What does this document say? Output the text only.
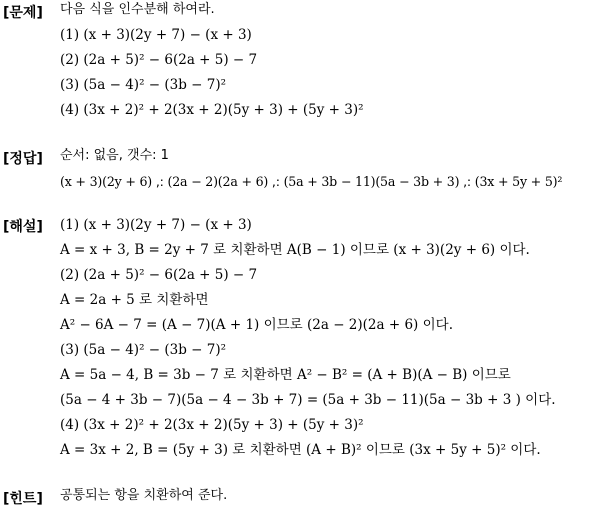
[문제] 다음 식을 인수분해 하여라.
(1) (x + 3)(2y + 7) − (x + 3)
(2) (2a + 5)² − 6(2a + 5) − 7
(3) (5a − 4)² − (3b − 7)²
(4) (3x + 2)² + 2(3x + 2)(5y + 3) + (5y + 3)²
[정답] 순서: 없음, 갯수: 1
(x + 3)(2y + 6) ,: (2a − 2)(2a + 6) ,: (5a + 3b − 11)(5a − 3b + 3) ,: (3x + 5y + 5)²
[해설] (1) (x + 3)(2y + 7) − (x + 3)
A = x + 3, B = 2y + 7 로 치환하면 A(B − 1) 이므로 (x + 3)(2y + 6) 이다.
(2) (2a + 5)² − 6(2a + 5) − 7
A = 2a + 5 로 치환하면
A² − 6A − 7 = (A − 7)(A + 1) 이므로 (2a − 2)(2a + 6) 이다.
(3) (5a − 4)² − (3b − 7)²
A = 5a − 4, B = 3b − 7 로 치환하면 A² − B² = (A + B)(A − B) 이므로
(5a − 4 + 3b − 7)(5a − 4 − 3b + 7) = (5a + 3b − 11)(5a − 3b + 3 ) 이다.
(4) (3x + 2)² + 2(3x + 2)(5y + 3) + (5y + 3)²
A = 3x + 2, B = (5y + 3) 로 치환하면 (A + B)² 이므로 (3x + 5y + 5)² 이다.
[힌트] 공통되는 항을 치환하여 준다.
